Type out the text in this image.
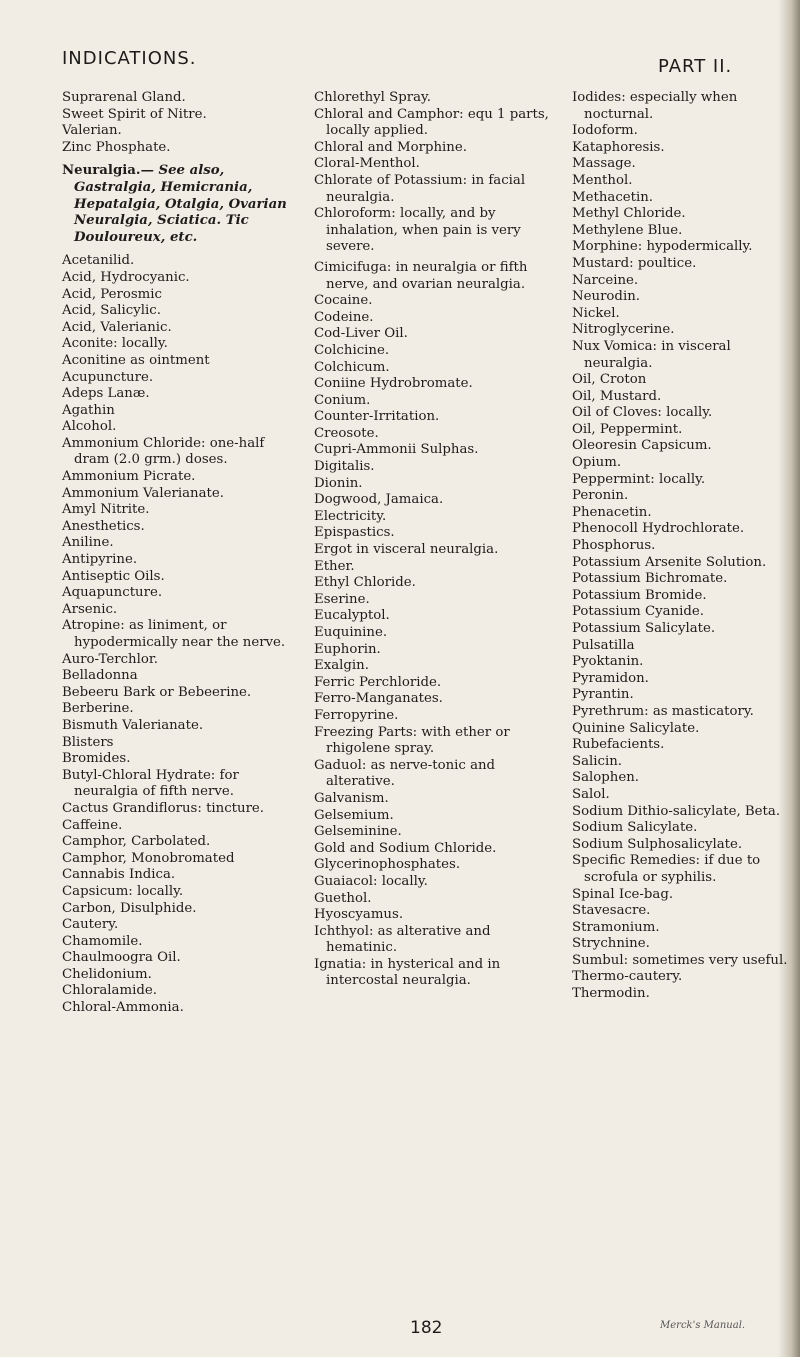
INDICATIONS.	PART II.
Suprarenal Gland.
Sweet Spirit of Nitre.
Valerian.
Zinc Phosphate.
Neuralgia.— See also, Gastralgia, Hemicrania, Hepatalgia, Otalgia, Ovarian Neuralgia, Sciatica. Tic Douloureux, etc.
Acetanilid.
Acid, Hydrocyanic.
Acid, Perosmic
Acid, Salicylic.
Acid, Valerianic.
Aconite: locally.
Aconitine as ointment
Acupuncture.
Adeps Lanæ.
Agathin
Alcohol.
Ammonium Chloride: one-half dram (2.0 grm.) doses.
Ammonium Picrate.
Ammonium Valerianate.
Amyl Nitrite.
Anesthetics.
Aniline.
Antipyrine.
Antiseptic Oils.
Aquapuncture.
Arsenic.
Atropine: as liniment, or hypodermically near the nerve.
Auro-Terchlor.
Belladonna
Bebeeru Bark or Bebeerine.
Berberine.
Bismuth Valerianate.
Blisters
Bromides.
Butyl-Chloral Hydrate: for neuralgia of fifth nerve.
Cactus Grandiflorus: tincture.
Caffeine.
Camphor, Carbolated.
Camphor, Monobromated
Cannabis Indica.
Capsicum: locally.
Carbon, Disulphide.
Cautery.
Chamomile.
Chaulmoogra Oil.
Chelidonium.
Chloralamide.
Chloral-Ammonia.
Chlorethyl Spray.
Chloral and Camphor: equ 1 parts, locally applied.
Chloral and Morphine.
Cloral-Menthol.
Chlorate of Potassium: in facial neuralgia.
Chloroform: locally, and by inhalation, when pain is very severe.
Cimicifuga: in neuralgia or fifth nerve, and ovarian neuralgia.
Cocaine.
Codeine.
Cod-Liver Oil.
Colchicine.
Colchicum.
Coniine Hydrobromate.
Conium.
Counter-Irritation.
Creosote.
Cupri-Ammonii Sulphas.
Digitalis.
Dionin.
Dogwood, Jamaica.
Electricity.
Epispastics.
Ergot in visceral neuralgia.
Ether.
Ethyl Chloride.
Eserine.
Eucalyptol.
Euquinine.
Euphorin.
Exalgin.
Ferric Perchloride.
Ferro-Manganates.
Ferropyrine.
Freezing Parts: with ether or rhigolene spray.
Gaduol: as nerve-tonic and alterative.
Galvanism.
Gelsemium.
Gelseminine.
Gold and Sodium Chloride.
Glycerinophosphates.
Guaiacol: locally.
Guethol.
Hyoscyamus.
Ichthyol: as alterative and hematinic.
Ignatia: in hysterical and in intercostal neuralgia.
Iodides: especially when nocturnal.
Iodoform.
Kataphoresis.
Massage.
Menthol.
Methacetin.
Methyl Chloride.
Methylene Blue.
Morphine: hypodermically.
Mustard: poultice.
Narceine.
Neurodin.
Nickel.
Nitroglycerine.
Nux Vomica: in visceral neuralgia.
Oil, Croton
Oil, Mustard.
Oil of Cloves: locally.
Oil, Peppermint.
Oleoresin Capsicum.
Opium.
Peppermint: locally.
Peronin.
Phenacetin.
Phenocoll Hydrochlorate.
Phosphorus.
Potassium Arsenite Solution.
Potassium Bichromate.
Potassium Bromide.
Potassium Cyanide.
Potassium Salicylate.
Pulsatilla
Pyoktanin.
Pyramidon.
Pyrantin.
Pyrethrum: as masticatory.
Quinine Salicylate.
Rubefacients.
Salicin.
Salophen.
Salol.
Sodium Dithio-salicylate, Beta.
Sodium Salicylate.
Sodium Sulphosalicylate.
Specific Remedies: if due to scrofula or syphilis.
Spinal Ice-bag.
Stavesacre.
Stramonium.
Strychnine.
Sumbul: sometimes very useful.
Thermo-cautery.
Thermodin.
182	Merck's Manual.
